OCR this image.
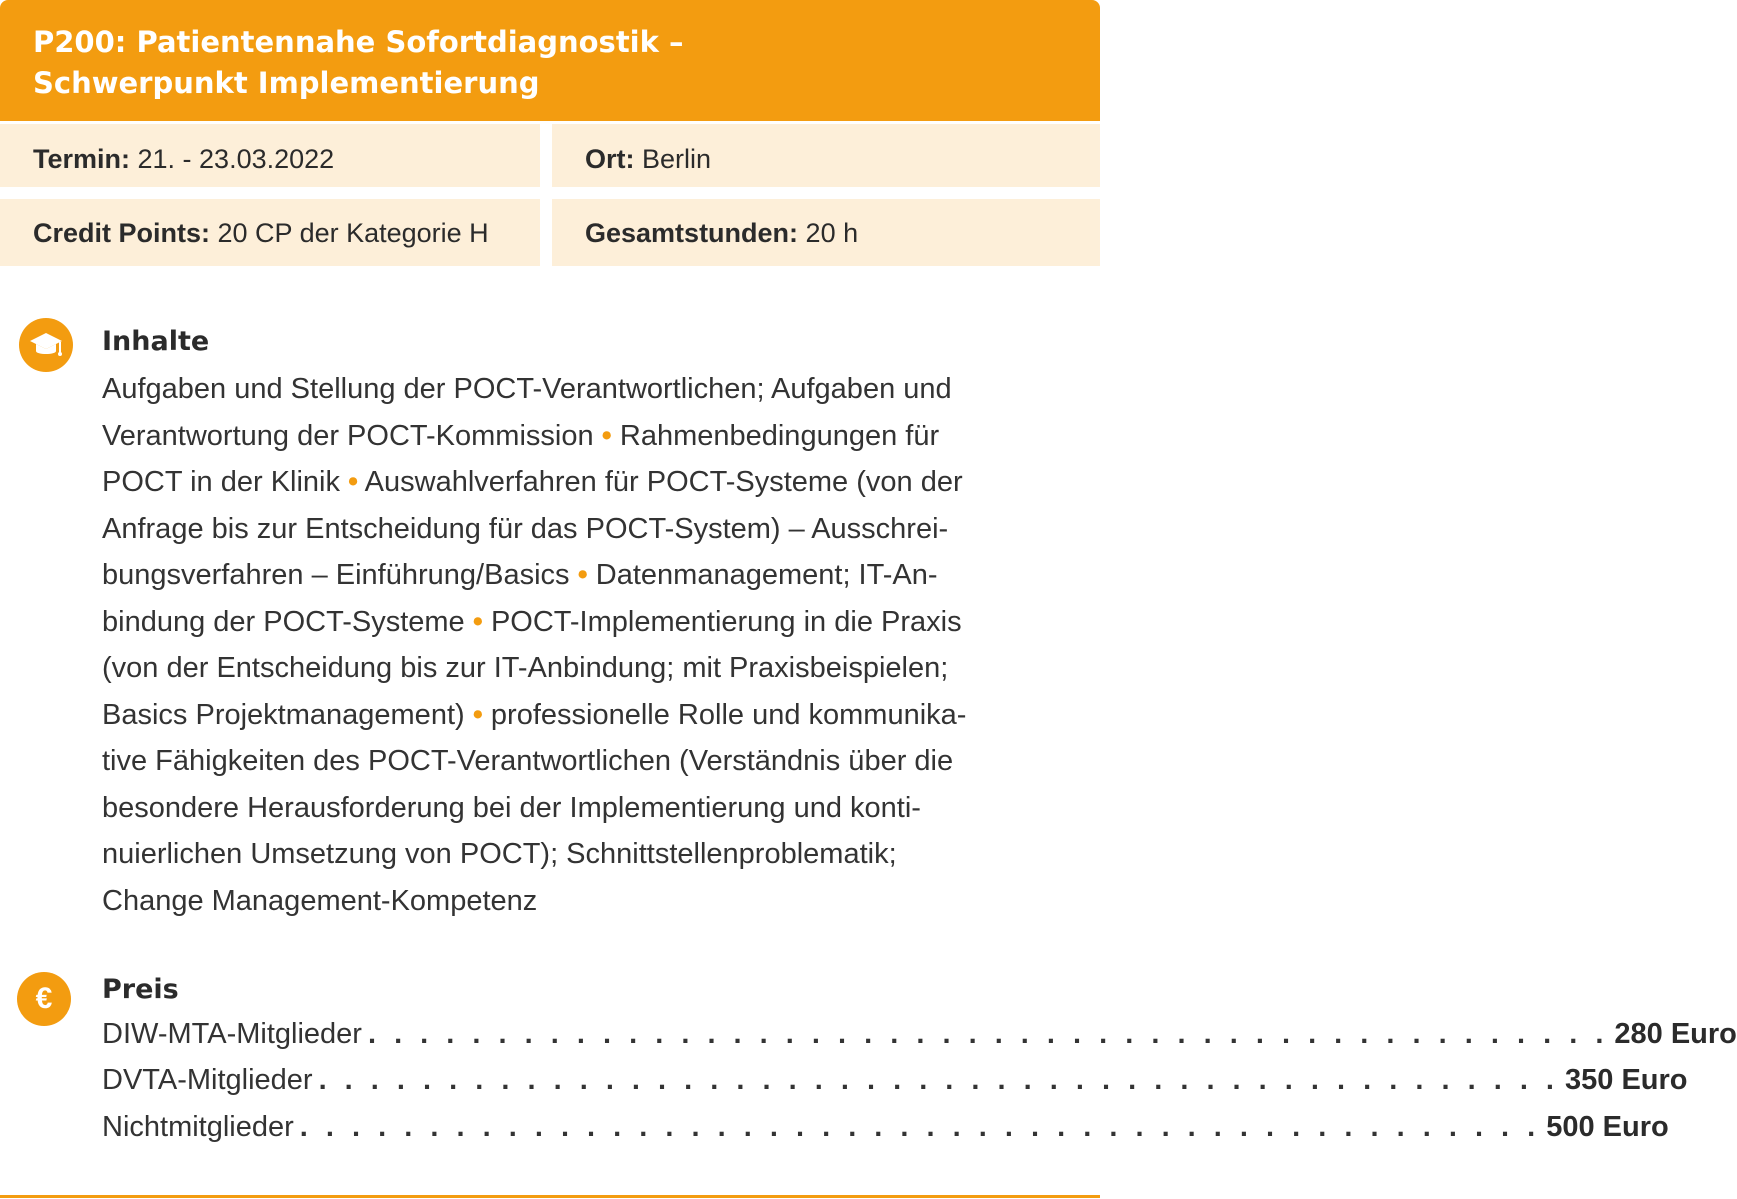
P200: Patientennahe Sofortdiagnostik –
Schwerpunkt Implementierung
Termin: 21. - 23.03.2022	Ort: Berlin
Credit Points: 20 CP der Kategorie H	Gesamtstunden: 20 h
Inhalte
Aufgaben und Stellung der POCT-Verantwortlichen; Aufgaben und
Verantwortung der POCT-Kommission • Rahmenbedingungen für
POCT in der Klinik • Auswahlverfahren für POCT-Systeme (von der
Anfrage bis zur Entscheidung für das POCT-System) – Ausschrei-
bungsverfahren – Einführung/Basics • Datenmanagement; IT-An-
bindung der POCT-Systeme • POCT-Implementierung in die Praxis
(von der Entscheidung bis zur IT-Anbindung; mit Praxisbeispielen;
Basics Projektmanagement) • professionelle Rolle und kommunika-
tive Fähigkeiten des POCT-Verantwortlichen (Verständnis über die
besondere Herausforderung bei der Implementierung und konti-
nuierlichen Umsetzung von POCT); Schnittstellenproblematik;
Change Management-Kompetenz
€	Preis
DIW-MTA-Mitglieder . . . . . . . . . . . . . . . . . . . . . . . . . . . . . . . . . . . . . . . . . . . . . . . . 280 Euro
DVTA-Mitglieder . . . . . . . . . . . . . . . . . . . . . . . . . . . . . . . . . . . . . . . . . . . . . . . . 350 Euro
Nichtmitglieder . . . . . . . . . . . . . . . . . . . . . . . . . . . . . . . . . . . . . . . . . . . . . . . . 500 Euro
